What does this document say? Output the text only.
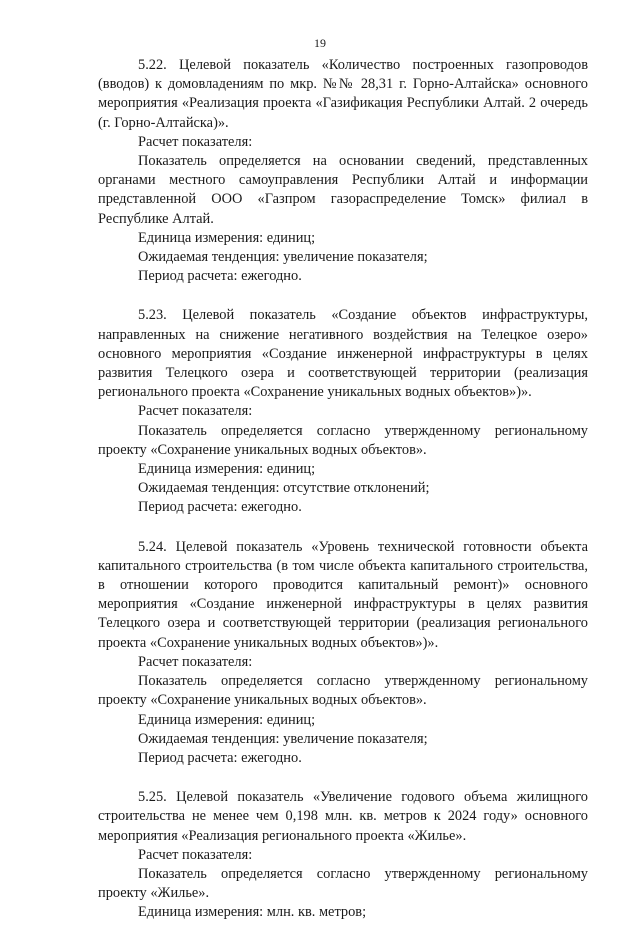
19

5.22. Целевой показатель «Количество построенных газопроводов (вводов) к домовладениям по мкр. №№ 28,31 г. Горно-Алтайска» основного мероприятия «Реализация проекта «Газификация Республики Алтай. 2 очередь (г. Горно-Алтайска)».

Расчет показателя:

Показатель определяется на основании сведений, представленных органами местного самоуправления Республики Алтай и информации представленной ООО «Газпром газораспределение Томск» филиал в Республике Алтай.

Единица измерения: единиц;

Ожидаемая тенденция: увеличение показателя;

Период расчета: ежегодно.

5.23. Целевой показатель «Создание объектов инфраструктуры, направленных на снижение негативного воздействия на Телецкое озеро» основного мероприятия «Создание инженерной инфраструктуры в целях развития Телецкого озера и соответствующей территории (реализация регионального проекта «Сохранение уникальных водных объектов»)».

Расчет показателя:

Показатель определяется согласно утвержденному региональному проекту «Сохранение уникальных водных объектов».

Единица измерения: единиц;

Ожидаемая тенденция: отсутствие отклонений;

Период расчета: ежегодно.

5.24. Целевой показатель «Уровень технической готовности объекта капитального строительства (в том числе объекта капитального строительства, в отношении которого проводится капитальный ремонт)» основного мероприятия «Создание инженерной инфраструктуры в целях развития Телецкого озера и соответствующей территории (реализация регионального проекта «Сохранение уникальных водных объектов»)».

Расчет показателя:

Показатель определяется согласно утвержденному региональному проекту «Сохранение уникальных водных объектов».

Единица измерения: единиц;

Ожидаемая тенденция: увеличение показателя;

Период расчета: ежегодно.

5.25. Целевой показатель «Увеличение годового объема жилищного строительства не менее чем 0,198 млн. кв. метров к 2024 году» основного мероприятия «Реализация регионального проекта «Жилье».

Расчет показателя:

Показатель определяется согласно утвержденному региональному проекту «Жилье».

Единица измерения: млн. кв. метров;
